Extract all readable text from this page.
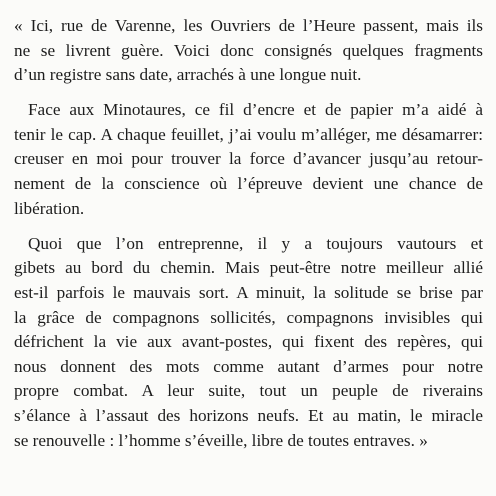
« Ici, rue de Varenne, les Ouvriers de l’Heure passent, mais ils
ne se livrent guère. Voici donc consignés quelques fragments
d’un registre sans date, arrachés à une longue nuit.

Face aux Minotaures, ce fil d’encre et de papier m’a aidé à
tenir le cap. A chaque feuillet, j’ai voulu m’alléger, me désamarrer:
creuser en moi pour trouver la force d’avancer jusqu’au retour-
nement de la conscience où l’épreuve devient une chance de
libération.

Quoi que l’on entreprenne, il y a toujours vautours et
gibets au bord du chemin. Mais peut-être notre meilleur allié
est-il parfois le mauvais sort. A minuit, la solitude se brise par
la grâce de compagnons sollicités, compagnons invisibles qui
défrichent la vie aux avant-postes, qui fixent des repères, qui
nous donnent des mots comme autant d’armes pour notre
propre combat. A leur suite, tout un peuple de riverains
s’élance à l’assaut des horizons neufs. Et au matin, le miracle
se renouvelle : l’homme s’éveille, libre de toutes entraves. »
